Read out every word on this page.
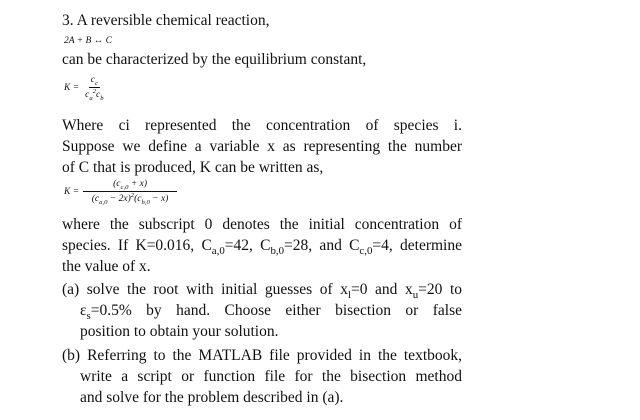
3. A reversible chemical reaction,
2A + B ↔ C
can be characterized by the equilibrium constant,
$K = \frac{c_c}{c_a^2c_b}$
Where ci represented the concentration of species i.
Suppose we define a variable x as representing the number
of C that is produced, K can be written as,
$K = \frac{(c_{c,0} + x)}{(c_{a,0} - 2x)^2(c_{b,0} - x)}$
where the subscript 0 denotes the initial concentration of
species. If K=0.016, $C_{a,0}=42$, $C_{b,0}=28$, and $C_{c,0}=4$, determine
the value of x.
(a) solve the root with initial guesses of $x_l=0$ and $x_u=20$ to
$\varepsilon_s=0.5\%$ by hand. Choose either bisection or false
position to obtain your solution.
(b) Referring to the MATLAB file provided in the textbook,
write a script or function file for the bisection method
and solve for the problem described in (a).
